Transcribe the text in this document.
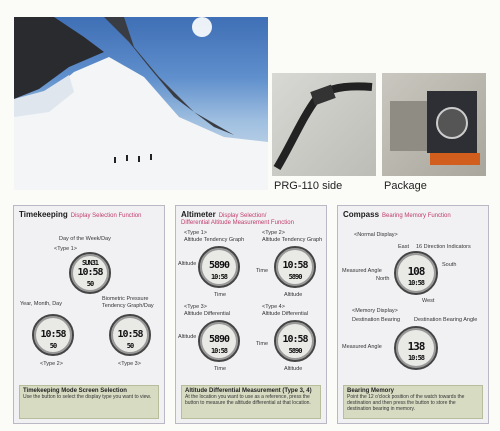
PRG-110 side	Package
Timekeeping Display Selection Function
Day of the Week/Day
<Type 1>
SUN31
10:58
50
Year, Month, Day
Biometric Pressure Tendency Graph/Day
10:58
50
10:58
50
<Type 2>	<Type 3>
Timekeeping Mode Screen Selection
Use the button to select the display type you want to view.
Altimeter Display Selection/
Differential Altitude Measurement Function
<Type 1>
Altitude Tendency Graph
<Type 2>
Altitude Tendency Graph
Altitude
Time
5890
10:58
10:58
5890
Time	Altitude
<Type 3>
Altitude Differential
<Type 4>
Altitude Differential
Altitude
Time
5890
10:58
10:58
5890
Time	Altitude
Altitude Differential Measurement (Type 3, 4)
At the location you want to use as a reference, press the button to measure the altitude differential at that location.
Compass Bearing Memory Function
<Normal Display>
East 16 Direction Indicators
North
South
Measured Angle	108
10:58
West
<Memory Display>
Destination Bearing	Destination Bearing Angle
Measured Angle	138
10:58
Bearing Memory
Point the 12 o'clock position of the watch towards the destination and then press the button to store the destination bearing in memory.
